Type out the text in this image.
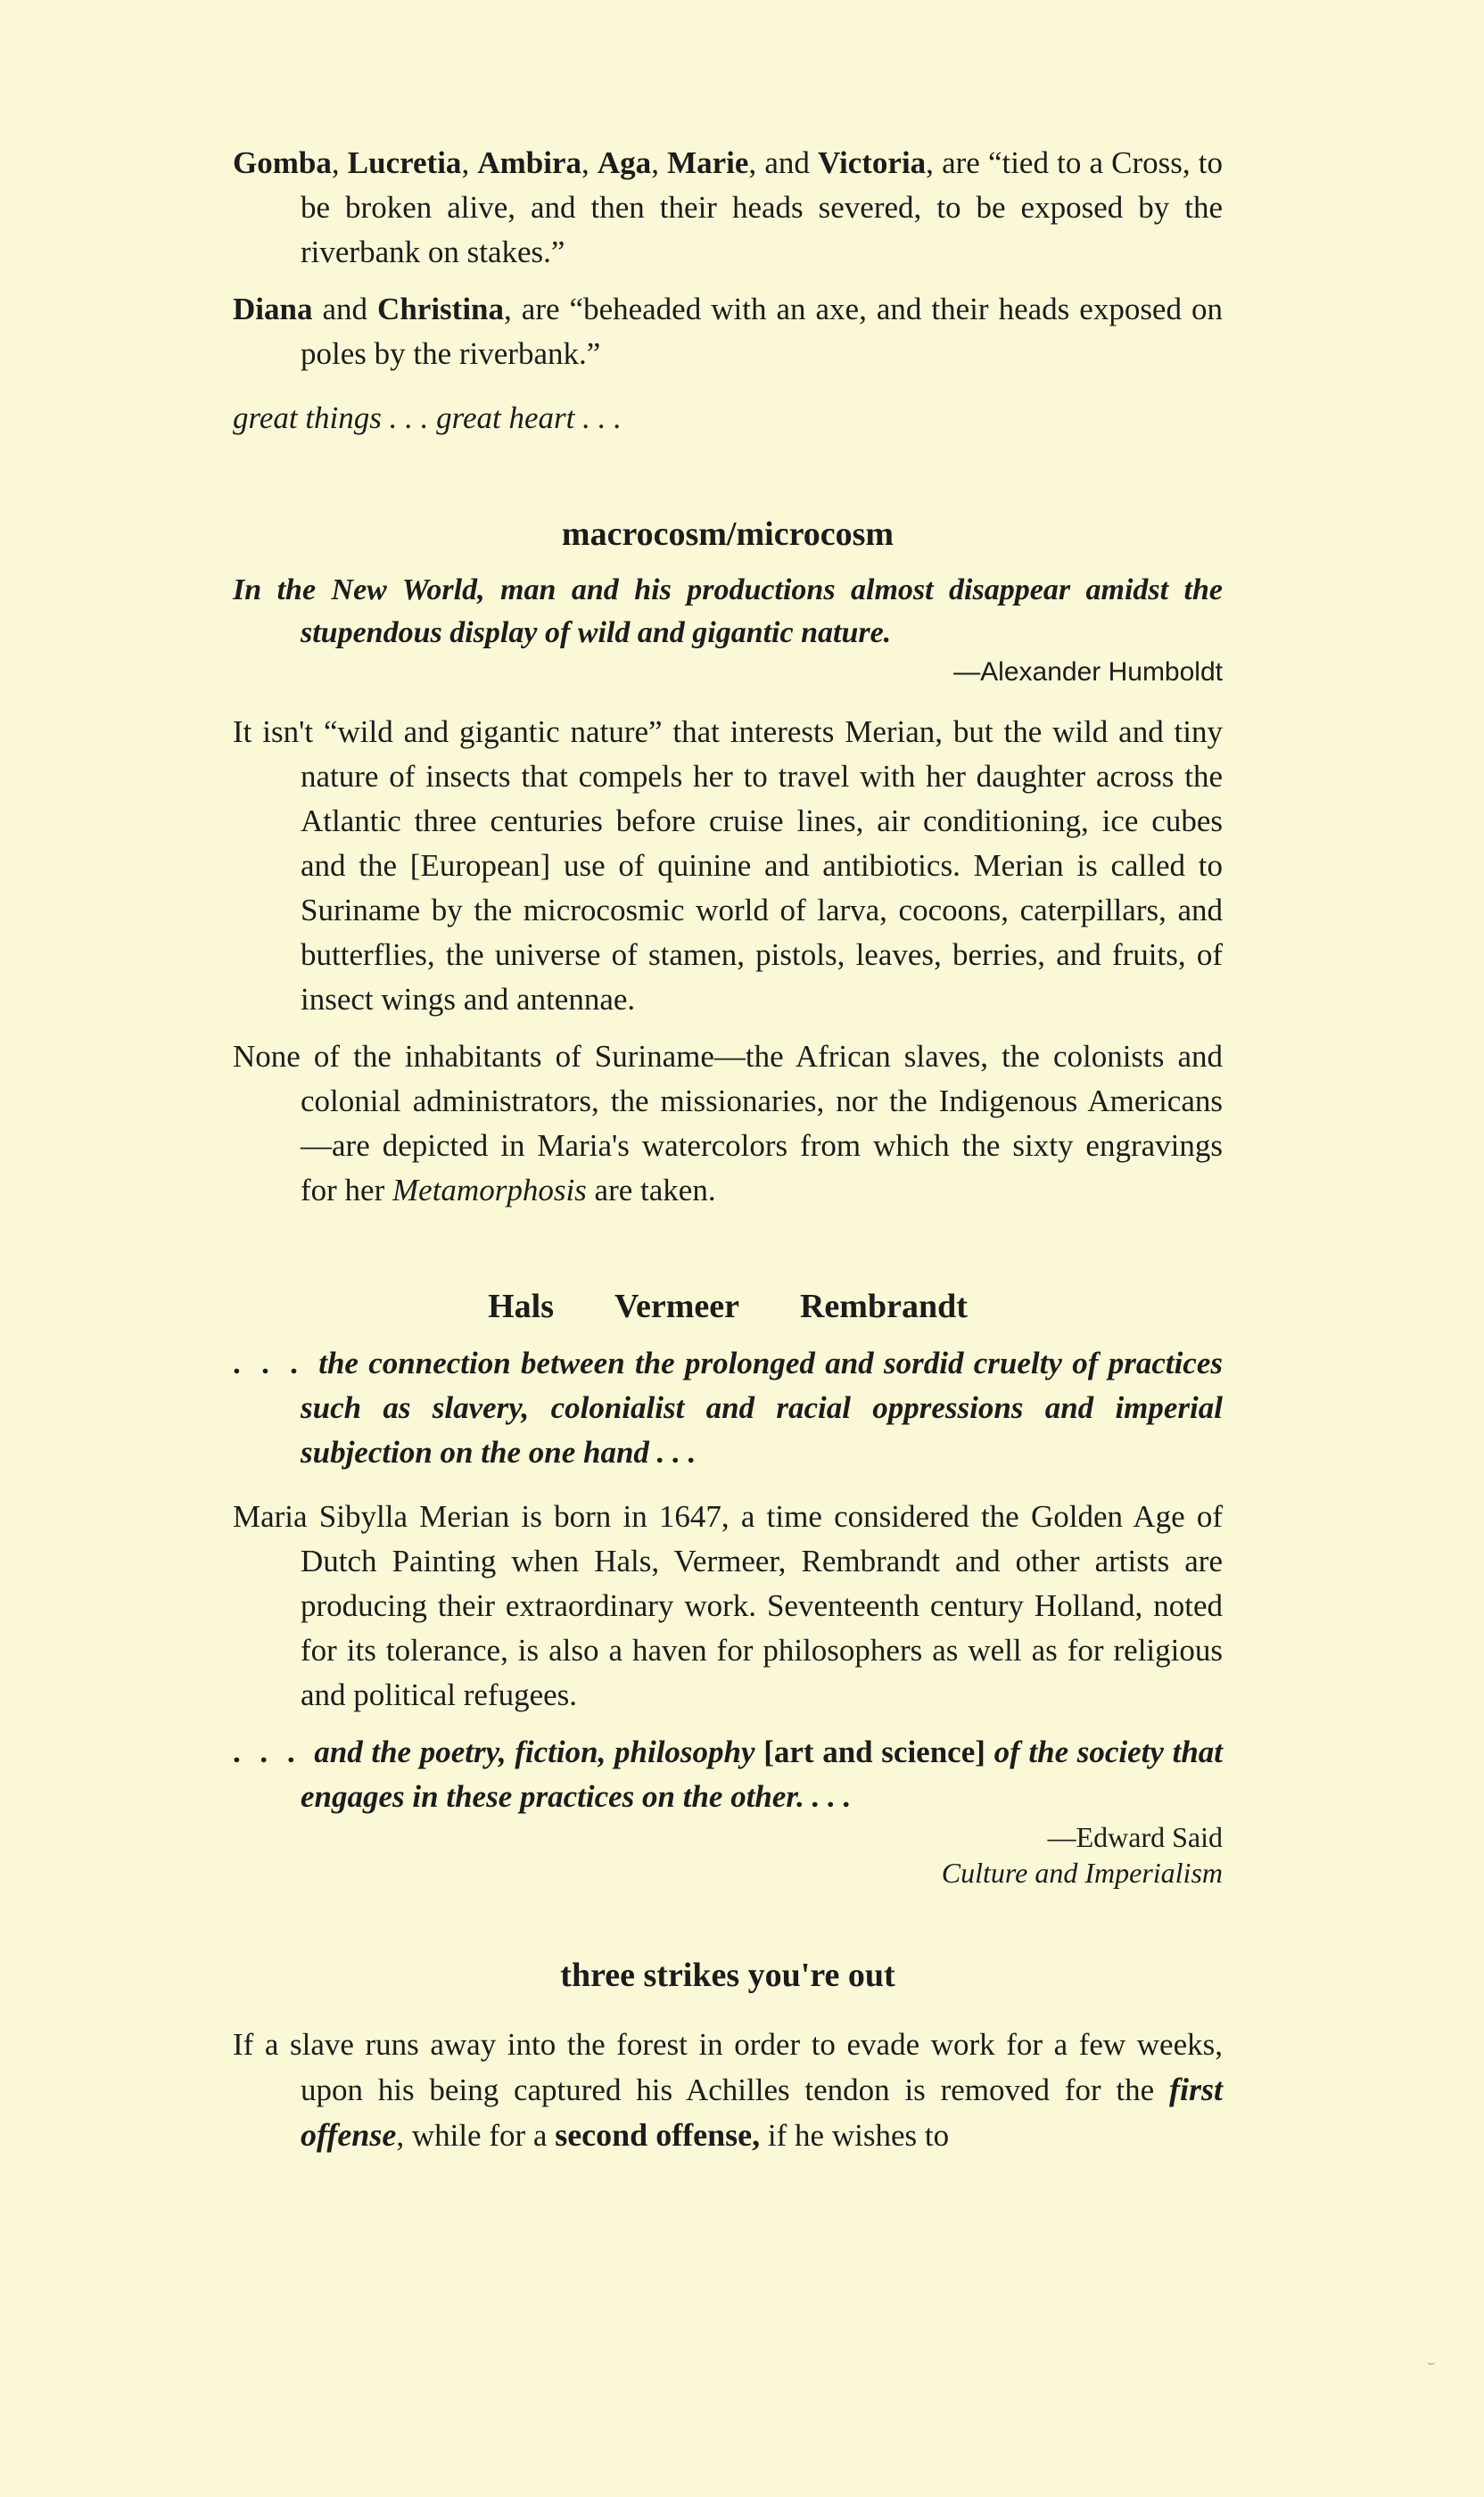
Gomba, Lucretia, Ambira, Aga, Marie, and Victoria, are “tied to a Cross, to be broken alive, and then their heads severed, to be exposed by the riverbank on stakes.”

Diana and Christina, are “beheaded with an axe, and their heads exposed on poles by the riverbank.”

great things . . . great heart . . .

macrocosm/microcosm

In the New World, man and his productions almost disappear amidst the stupendous display of wild and gigantic nature.

—Alexander Humboldt

It isn't “wild and gigantic nature” that interests Merian, but the wild and tiny nature of insects that compels her to travel with her daughter across the Atlantic three centuries before cruise lines, air conditioning, ice cubes and the [European] use of quinine and antibiotics. Merian is called to Suriname by the microcosmic world of larva, cocoons, caterpillars, and butterflies, the universe of stamen, pistols, leaves, berries, and fruits, of insect wings and antennae.

None of the inhabitants of Suriname—the African slaves, the colonists and colonial administrators, the missionaries, nor the Indigenous Americans—are depicted in Maria's watercolors from which the sixty engravings for her Metamorphosis are taken.

Hals Vermeer Rembrandt

. . . the connection between the prolonged and sordid cruelty of practices such as slavery, colonialist and racial oppressions and imperial subjection on the one hand . . .

Maria Sibylla Merian is born in 1647, a time considered the Golden Age of Dutch Painting when Hals, Vermeer, Rembrandt and other artists are producing their extraordinary work. Seventeenth century Holland, noted for its tolerance, is also a haven for philosophers as well as for religious and political refugees.

. . . and the poetry, fiction, philosophy [art and science] of the society that engages in these practices on the other. . . .

—Edward Said

Culture and Imperialism

three strikes you're out

If a slave runs away into the forest in order to evade work for a few weeks, upon his being captured his Achilles tendon is removed for the first offense, while for a second offense, if he wishes to

⌣
